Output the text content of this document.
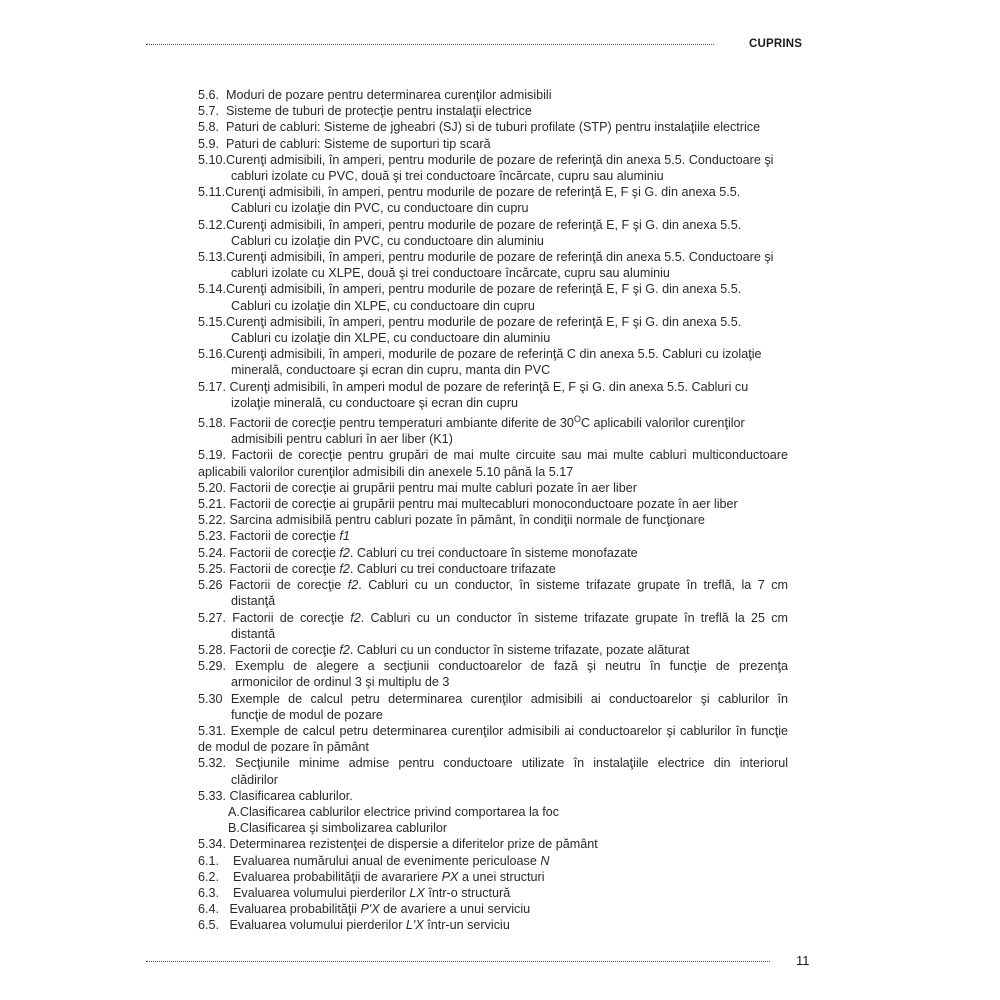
CUPRINS
5.6. Moduri de pozare pentru determinarea curenţilor admisibili
5.7. Sisteme de tuburi de protecţie pentru instalaţii electrice
5.8. Paturi de cabluri: Sisteme de jgheabri (SJ) si de tuburi profilate (STP) pentru instalaţiile electrice
5.9. Paturi de cabluri: Sisteme de suporturi tip scară
5.10.Curenţi admisibili, în amperi, pentru modurile de pozare de referinţă din anexa 5.5. Conductoare şi
cabluri izolate cu PVC, două şi trei conductoare încărcate, cupru sau aluminiu
5.11.Curenţi admisibili, în amperi, pentru modurile de pozare de referinţă E, F şi G. din anexa 5.5.
Cabluri cu izolaţie din PVC, cu conductoare din cupru
5.12.Curenţi admisibili, în amperi, pentru modurile de pozare de referinţă E, F şi G. din anexa 5.5.
Cabluri cu izolaţie din PVC, cu conductoare din aluminiu
5.13.Curenţi admisibili, în amperi, pentru modurile de pozare de referinţă din anexa 5.5. Conductoare şi
cabluri izolate cu XLPE, două şi trei conductoare încărcate, cupru sau aluminiu
5.14.Curenţi admisibili, în amperi, pentru modurile de pozare de referinţă E, F şi G. din anexa 5.5.
Cabluri cu izolaţie din XLPE, cu conductoare din cupru
5.15.Curenţi admisibili, în amperi, pentru modurile de pozare de referinţă E, F şi G. din anexa 5.5.
Cabluri cu izolaţie din XLPE, cu conductoare din aluminiu
5.16.Curenţi admisibili, în amperi, modurile de pozare de referinţă C din anexa 5.5. Cabluri cu izolaţie
minerală, conductoare şi ecran din cupru, manta din PVC
5.17. Curenţi admisibili, în amperi modul de pozare de referinţă E, F şi G. din anexa 5.5. Cabluri cu
izolaţie minerală, cu conductoare şi ecran din cupru
5.18. Factorii de corecţie pentru temperaturi ambiante diferite de $30^OC$ aplicabili valorilor curenţilor
admisibili pentru cabluri în aer liber (K1)
5.19. Factorii de corecţie pentru grupări de mai multe circuite sau mai multe cabluri multiconductoare aplicabili valorilor curenţilor admisibili din anexele 5.10 până la 5.17
5.20. Factorii de corecţie ai grupării pentru mai multe cabluri pozate în aer liber
5.21. Factorii de corecţie ai grupării pentru mai multecabluri monoconductoare pozate în aer liber
5.22. Sarcina admisibilă pentru cabluri pozate în pământ, în condiţii normale de funcţionare
5.23. Factorii de corecţie f1
5.24. Factorii de corecţie f2. Cabluri cu trei conductoare în sisteme monofazate
5.25. Factorii de corecţie f2. Cabluri cu trei conductoare trifazate
5.26 Factorii de corecţie f2. Cabluri cu un conductor, în sisteme trifazate grupate în treflă, la 7 cm
distanţă
5.27. Factorii de corecţie f2. Cabluri cu un conductor în sisteme trifazate grupate în treflă la 25 cm
distantă
5.28. Factorii de corecţie f2. Cabluri cu un conductor în sisteme trifazate, pozate alăturat
5.29. Exemplu de alegere a secţiunii conductoarelor de fază şi neutru în funcţie de prezenţa
armonicilor de ordinul 3 şi multiplu de 3
5.30 Exemple de calcul petru determinarea curenţilor admisibili ai conductoarelor şi cablurilor în
funcţie de modul de pozare
5.31. Exemple de calcul petru determinarea curenţilor admisibili ai conductoarelor şi cablurilor în funcţie de modul de pozare în pământ
5.32. Secţiunile minime admise pentru conductoare utilizate în instalaţiile electrice din interiorul
clădirilor
5.33. Clasificarea cablurilor.
A.Clasificarea cablurilor electrice privind comportarea la foc
B.Clasificarea şi simbolizarea cablurilor
5.34. Determinarea rezistenţei de dispersie a diferitelor prize de pământ
6.1.    Evaluarea numărului anual de evenimente periculoase N
6.2.    Evaluarea probabilităţii de avarariere PX a unei structuri
6.3.    Evaluarea volumului pierderilor LX într-o structură
6.4.   Evaluarea probabilităţii P'X de avariere a unui serviciu
6.5.   Evaluarea volumului pierderilor L'X într-un serviciu
11
